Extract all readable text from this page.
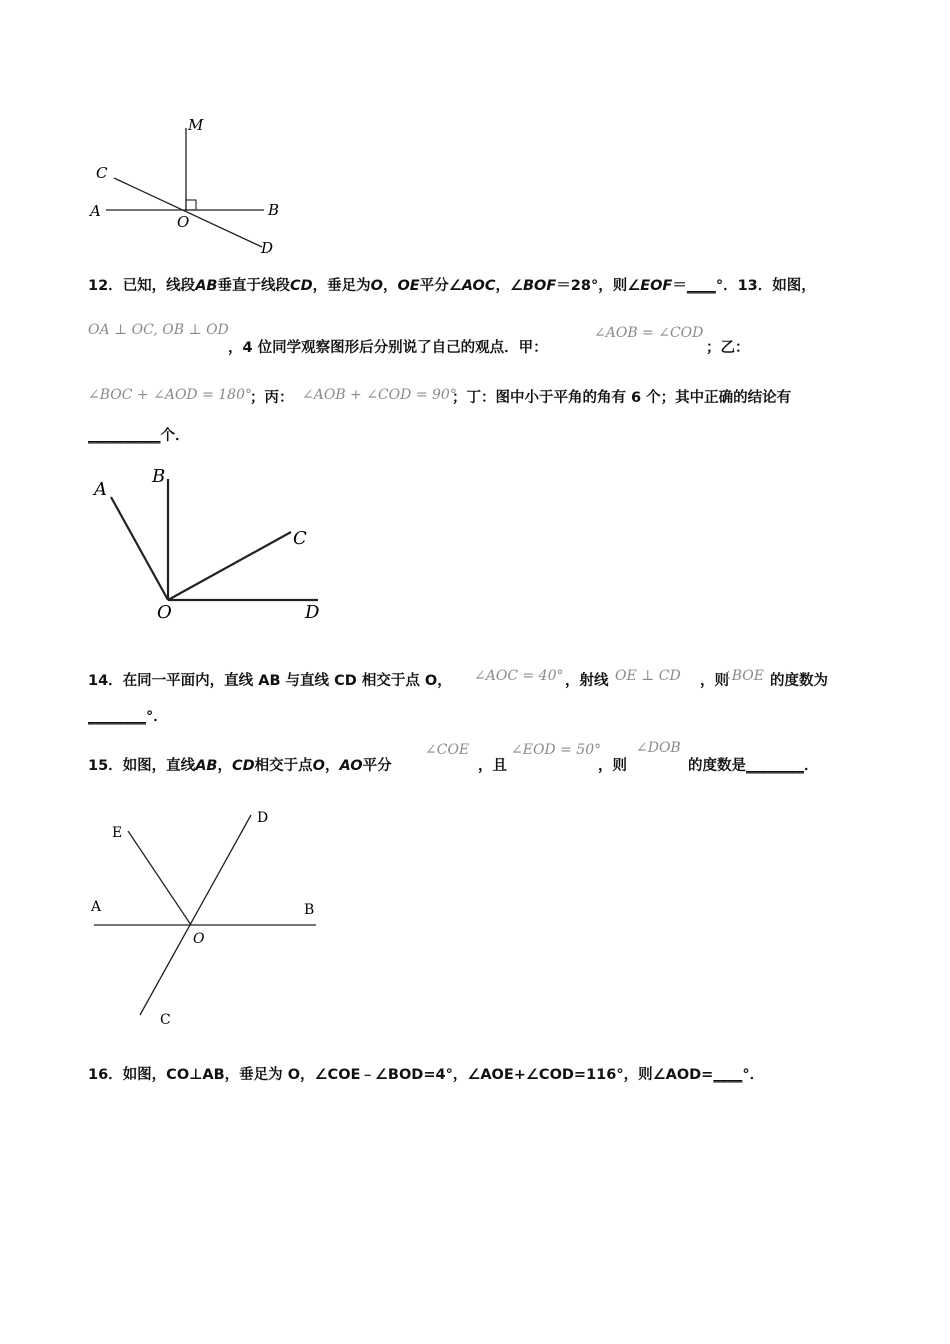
M
C
A
O
B
D
12．已知，线段AB垂直于线段CD，垂足为O，OE平分∠AOC，∠BOF＝28°，则∠EOF＝____°．13．如图，
OA ⊥ OC, OB ⊥ OD
，4 位同学观察图形后分别说了自己的观点．甲：
∠AOB = ∠COD
；乙：
∠BOC + ∠AOD = 180°
；丙： ∠AOB + ∠COD = 90°
；丁：图中小于平角的角有 6 个；其中正确的结论有
__________个．
A
B
C
O	D
14．在同一平面内，直线 AB 与直线 CD 相交于点 O， ∠AOC = 40° ，射线 OE ⊥ CD ，则
∠BOE 的度数为
________°．
15．如图，直线AB，CD相交于点O，AO平分
∠COE
，且
∠EOD = 50°
，则
∠DOB
的度数是________．
E
D
A	B
O
C
16．如图，CO⊥AB，垂足为 O，∠COE﹣∠BOD=4°，∠AOE+∠COD=116°，则∠AOD=____°．
